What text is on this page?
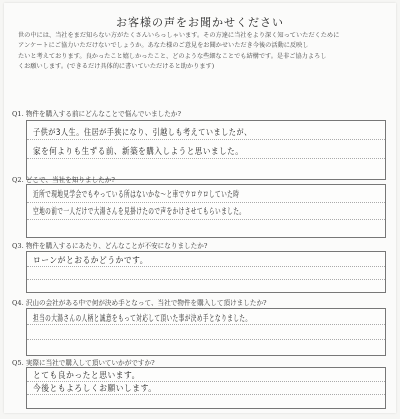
お客様の声をお聞かせください

世の中には、当社をまだ知らない方がたくさんいらっしゃいます。その方達に当社をより深く知っていただくために

アンケートにご協力いただけないでしょうか。あなた様のご意見をお聞かせいただき今後の活動に反映し

たいと考えております。良かったこと嬉しかったこと、どのような些細なことでも結構です。是非ご協力よろし

くお願いします。(できるだけ具体的に書いていただけると助かります)

Q1. 物件を購入する前にどんなことで悩んでいましたか?
子供が3人生。住居が手狭になり、引越しも考えていましたが、
家を何よりも生ずる前、新築を購入しようと思いました。
Q2. どこで、当社を知りましたか?
近所で現地見学会でもやっている所はないかな～と車でウロウロしていた時
空地の前で一人だけで大湯さんを見掛けたので声をかけさせてもらいました。
Q3. 物件を購入するにあたり、どんなことが不安になりましたか?
ローンがとおるかどうかです。
Q4. 沢山の会社がある中で何が決め手となって、当社で物件を購入して頂けましたか?
担当の大湯さんの人柄と誠意をもって対応して頂いた事が決め手となりました。
Q5. 実際に当社で購入して頂いていかがですか?
とても良かったと思います。
今後ともよろしくお願いします。
